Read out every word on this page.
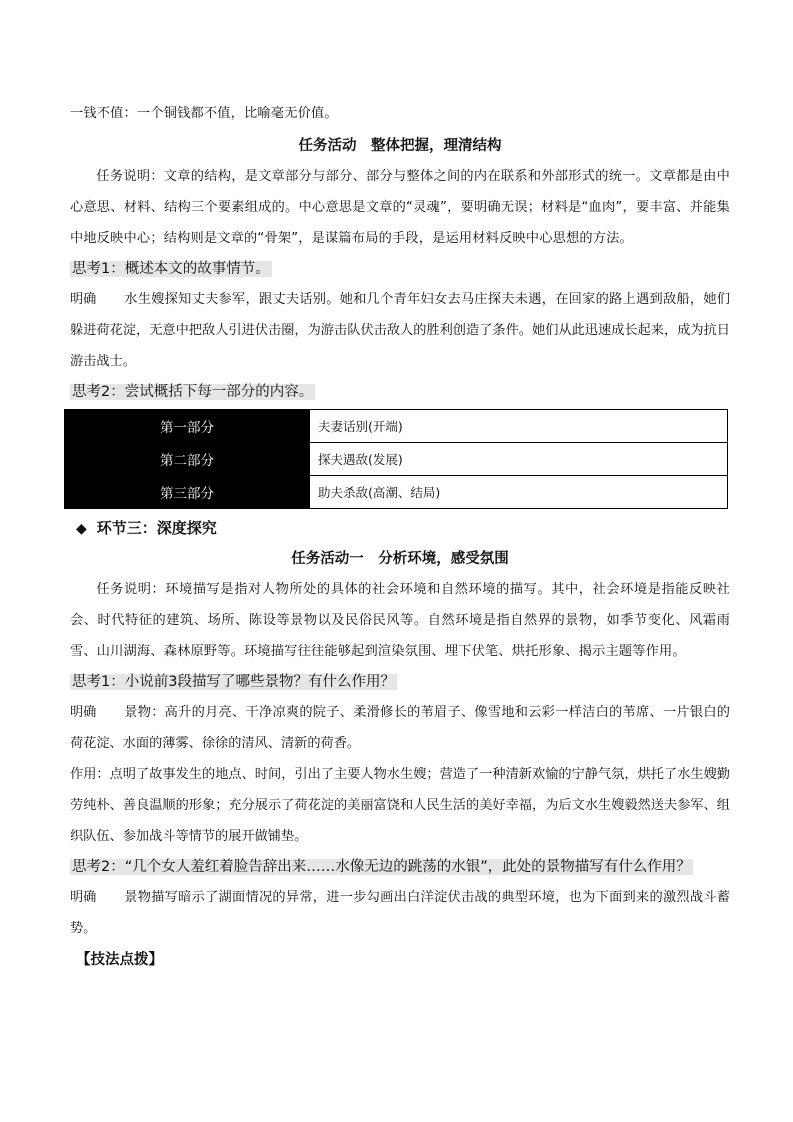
一钱不值：一个铜钱都不值，比喻毫无价值。

任务活动　整体把握，理清结构

任务说明：文章的结构，是文章部分与部分、部分与整体之间的内在联系和外部形式的统一。文章都是由中心意思、材料、结构三个要素组成的。中心意思是文章的“灵魂”，要明确无误；材料是“血肉”，要丰富、并能集中地反映中心；结构则是文章的“骨架”，是谋篇布局的手段，是运用材料反映中心思想的方法。

思考1：概述本文的故事情节。

明确 水生嫂探知丈夫参军，跟丈夫话别。她和几个青年妇女去马庄探夫未遇，在回家的路上遇到敌船，她们躲进荷花淀，无意中把敌人引进伏击圈，为游击队伏击敌人的胜利创造了条件。她们从此迅速成长起来，成为抗日游击战士。

思考2：尝试概括下每一部分的内容。

第一部分	夫妻话别(开端)
第二部分	探夫遇敌(发展)
第三部分	助夫杀敌(高潮、结局)

◆ 环节三：深度探究

任务活动一　分析环境，感受氛围

任务说明：环境描写是指对人物所处的具体的社会环境和自然环境的描写。其中，社会环境是指能反映社会、时代特征的建筑、场所、陈设等景物以及民俗民风等。自然环境是指自然界的景物，如季节变化、风霜雨雪、山川湖海、森林原野等。环境描写往往能够起到渲染氛围、埋下伏笔、烘托形象、揭示主题等作用。

思考1：小说前3段描写了哪些景物？有什么作用？

明确 景物：高升的月亮、干净凉爽的院子、柔滑修长的苇眉子、像雪地和云彩一样洁白的苇席、一片银白的荷花淀、水面的薄雾、徐徐的清风、清新的荷香。

作用：点明了故事发生的地点、时间，引出了主要人物水生嫂；营造了一种清新欢愉的宁静气氛，烘托了水生嫂勤劳纯朴、善良温顺的形象；充分展示了荷花淀的美丽富饶和人民生活的美好幸福，为后文水生嫂毅然送夫参军、组织队伍、参加战斗等情节的展开做铺垫。

思考2：“几个女人羞红着脸告辞出来……水像无边的跳荡的水银”，此处的景物描写有什么作用？

明确 景物描写暗示了湖面情况的异常，进一步勾画出白洋淀伏击战的典型环境，也为下面到来的激烈战斗蓄势。

【技法点拨】
